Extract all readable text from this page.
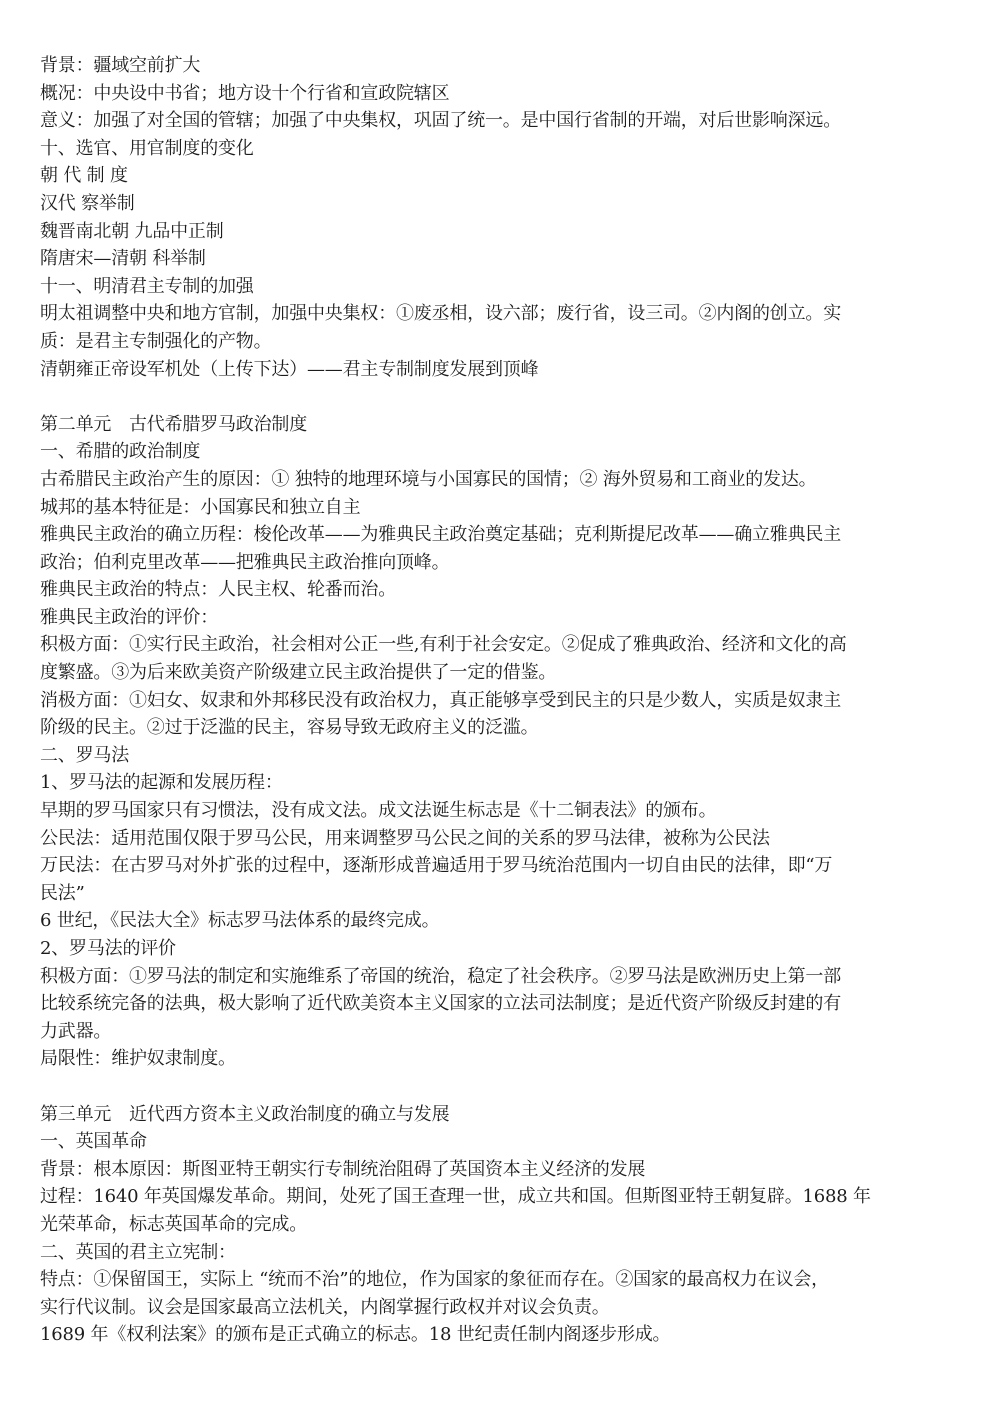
背景：疆域空前扩大
概况：中央设中书省；地方设十个行省和宣政院辖区
意义：加强了对全国的管辖；加强了中央集权，巩固了统一。是中国行省制的开端，对后世影响深远。
十、选官、用官制度的变化
朝 代 制 度
汉代 察举制
魏晋南北朝 九品中正制
隋唐宋—清朝 科举制
十一、明清君主专制的加强
明太祖调整中央和地方官制，加强中央集权：①废丞相，设六部；废行省，设三司。②内阁的创立。实
质：是君主专制强化的产物。
清朝雍正帝设军机处（上传下达）——君主专制制度发展到顶峰
第二单元　古代希腊罗马政治制度
一、希腊的政治制度
古希腊民主政治产生的原因：① 独特的地理环境与小国寡民的国情；② 海外贸易和工商业的发达。
城邦的基本特征是：小国寡民和独立自主
雅典民主政治的确立历程：梭伦改革——为雅典民主政治奠定基础；克利斯提尼改革——确立雅典民主
政治；伯利克里改革——把雅典民主政治推向顶峰。
雅典民主政治的特点：人民主权、轮番而治。
雅典民主政治的评价：
积极方面：①实行民主政治，社会相对公正一些,有利于社会安定。②促成了雅典政治、经济和文化的高
度繁盛。③为后来欧美资产阶级建立民主政治提供了一定的借鉴。
消极方面：①妇女、奴隶和外邦移民没有政治权力，真正能够享受到民主的只是少数人，实质是奴隶主
阶级的民主。②过于泛滥的民主，容易导致无政府主义的泛滥。
二、罗马法
1、罗马法的起源和发展历程：
早期的罗马国家只有习惯法，没有成文法。成文法诞生标志是《十二铜表法》的颁布。
公民法：适用范围仅限于罗马公民，用来调整罗马公民之间的关系的罗马法律，被称为公民法
万民法：在古罗马对外扩张的过程中，逐渐形成普遍适用于罗马统治范围内一切自由民的法律，即“万
民法”
6 世纪，《民法大全》标志罗马法体系的最终完成。
2、罗马法的评价
积极方面：①罗马法的制定和实施维系了帝国的统治，稳定了社会秩序。②罗马法是欧洲历史上第一部
比较系统完备的法典，极大影响了近代欧美资本主义国家的立法司法制度；是近代资产阶级反封建的有
力武器。
局限性：维护奴隶制度。
第三单元　近代西方资本主义政治制度的确立与发展
一、英国革命
背景：根本原因：斯图亚特王朝实行专制统治阻碍了英国资本主义经济的发展
过程：1640 年英国爆发革命。期间，处死了国王查理一世，成立共和国。但斯图亚特王朝复辟。1688 年
光荣革命，标志英国革命的完成。
二、英国的君主立宪制：
特点：①保留国王，实际上 “统而不治”的地位，作为国家的象征而存在。②国家的最高权力在议会，
实行代议制。议会是国家最高立法机关，内阁掌握行政权并对议会负责。
1689 年《权利法案》的颁布是正式确立的标志。18 世纪责任制内阁逐步形成。
